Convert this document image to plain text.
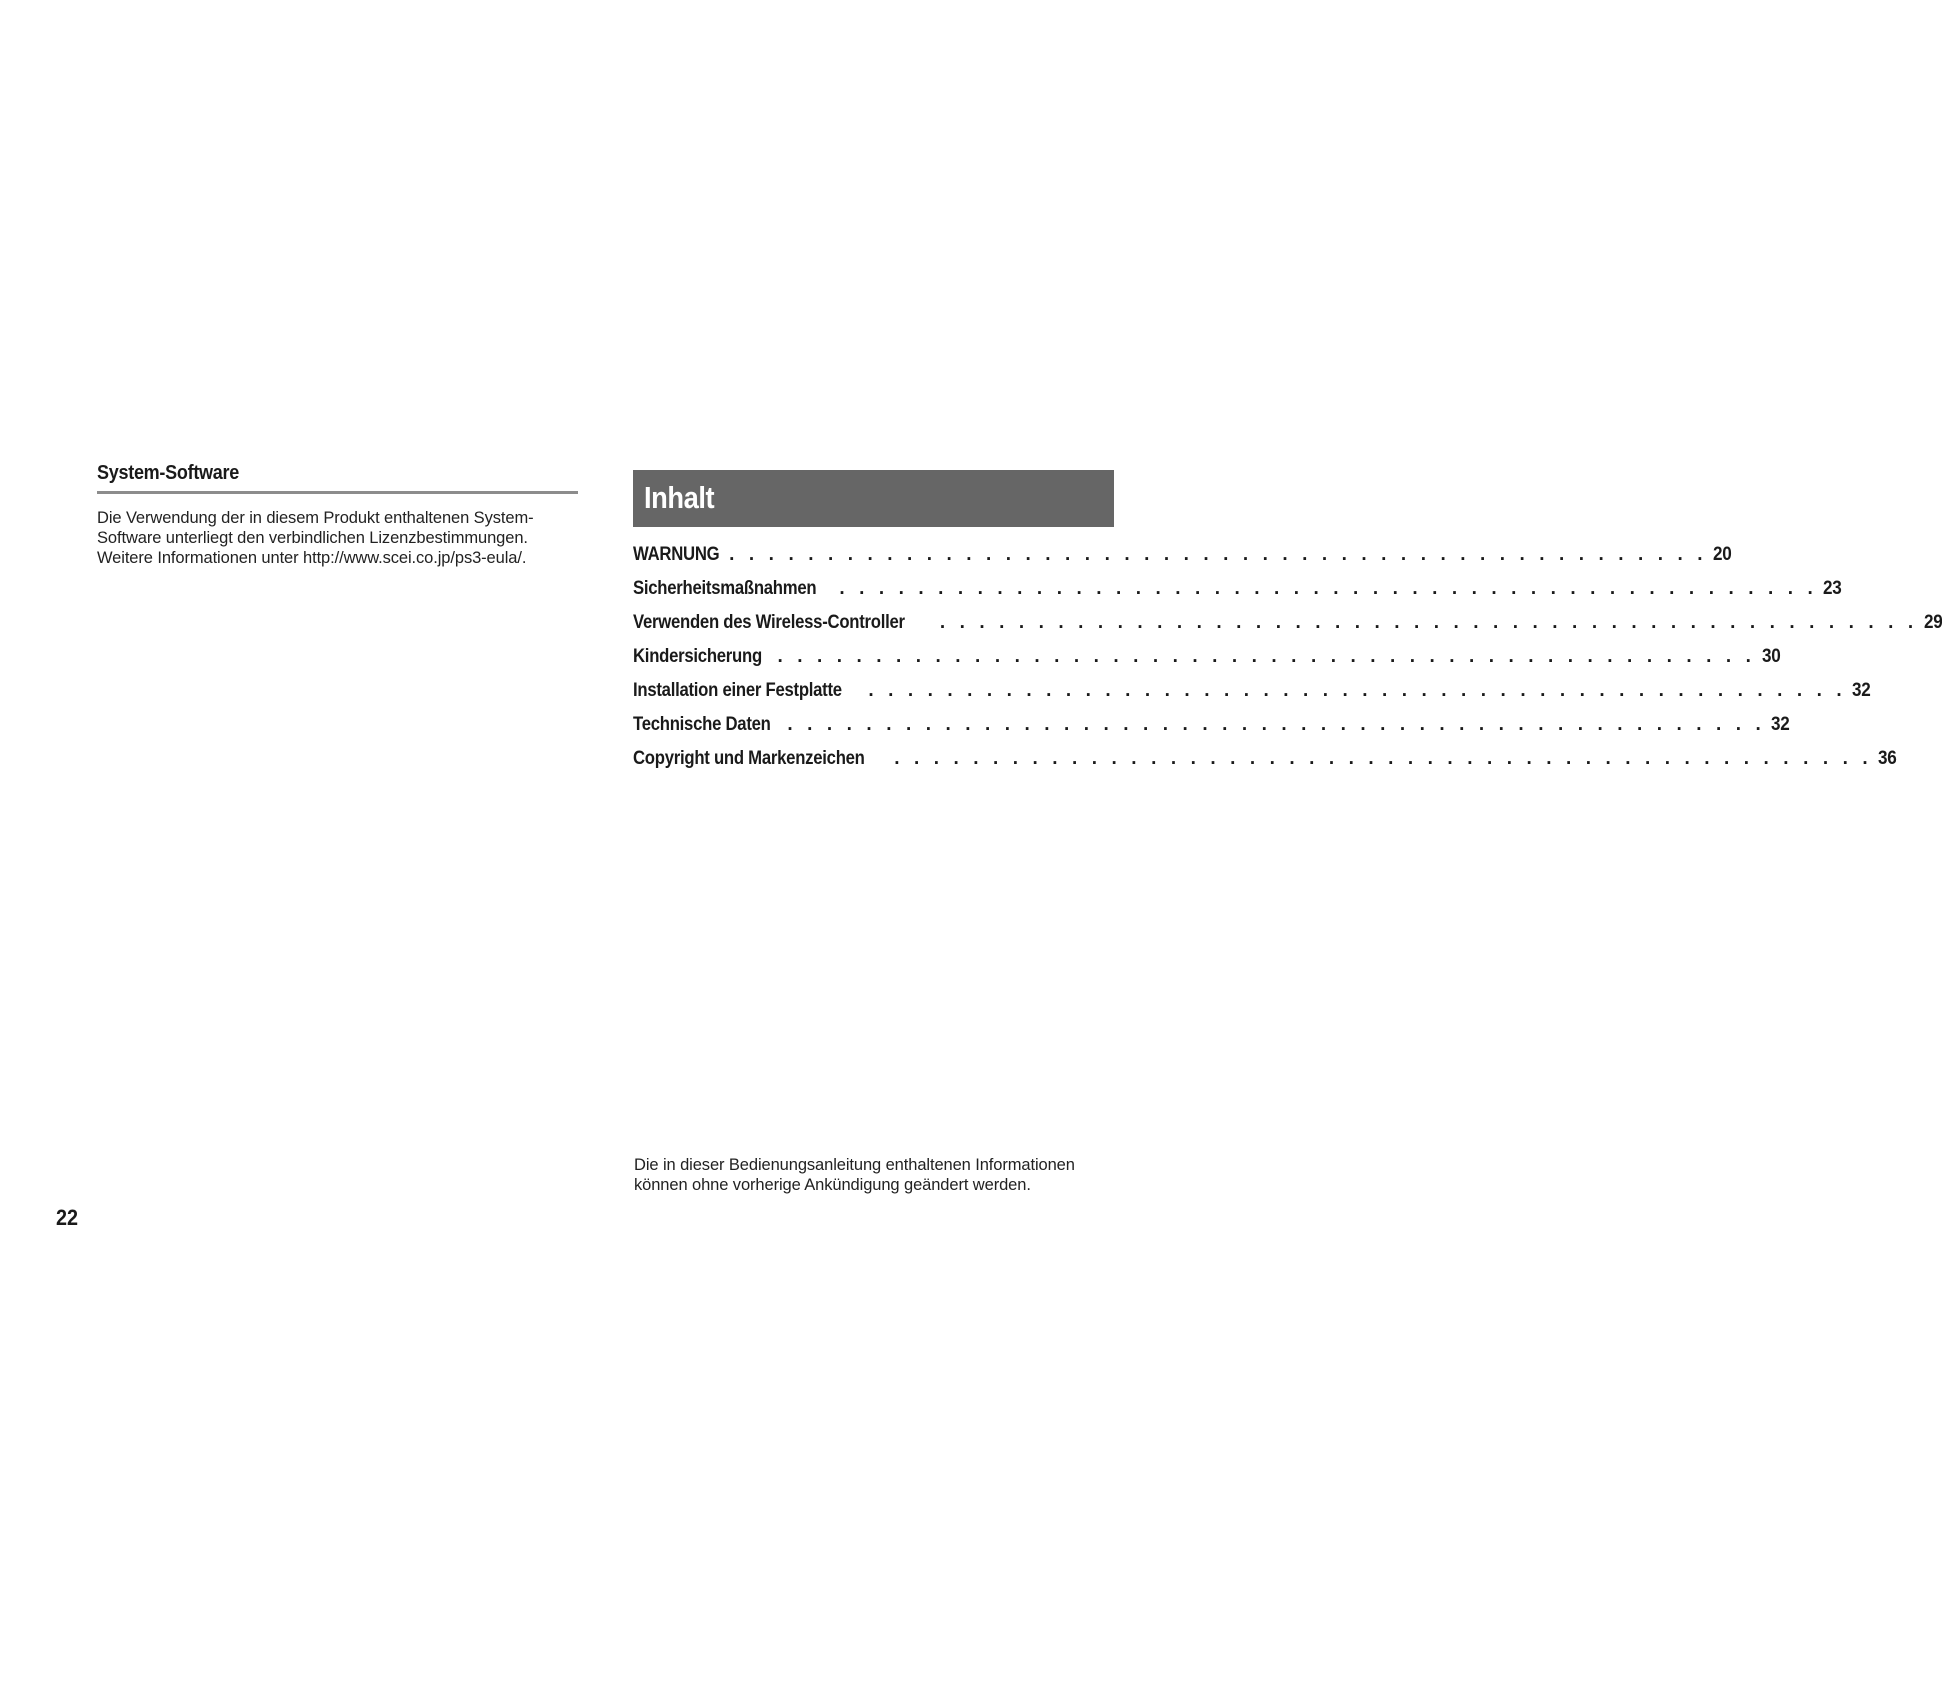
System-Software

Die Verwendung der in diesem Produkt enthaltenen System-
Software unterliegt den verbindlichen Lizenzbestimmungen.
Weitere Informationen unter http://www.scei.co.jp/ps3-eula/.

Inhalt
WARNUNG . . . . . . . . . . . . . . . . . . . . . . . . . . . . . . . . . . . . . . . . . . . . . . . . . . 20
Sicherheitsmaßnahmen . . . . . . . . . . . . . . . . . . . . . . . . . . . . . . . . . . . . . . . . . . . . . . . . . . 23
Verwenden des Wireless-Controller . . . . . . . . . . . . . . . . . . . . . . . . . . . . . . . . . . . . . . . . . . . . . . . . . . 29
Kindersicherung . . . . . . . . . . . . . . . . . . . . . . . . . . . . . . . . . . . . . . . . . . . . . . . . . . 30
Installation einer Festplatte . . . . . . . . . . . . . . . . . . . . . . . . . . . . . . . . . . . . . . . . . . . . . . . . . . 32
Technische Daten . . . . . . . . . . . . . . . . . . . . . . . . . . . . . . . . . . . . . . . . . . . . . . . . . . 32
Copyright und Markenzeichen . . . . . . . . . . . . . . . . . . . . . . . . . . . . . . . . . . . . . . . . . . . . . . . . . . 36

Die in dieser Bedienungsanleitung enthaltenen Informationen
können ohne vorherige Ankündigung geändert werden.

22
